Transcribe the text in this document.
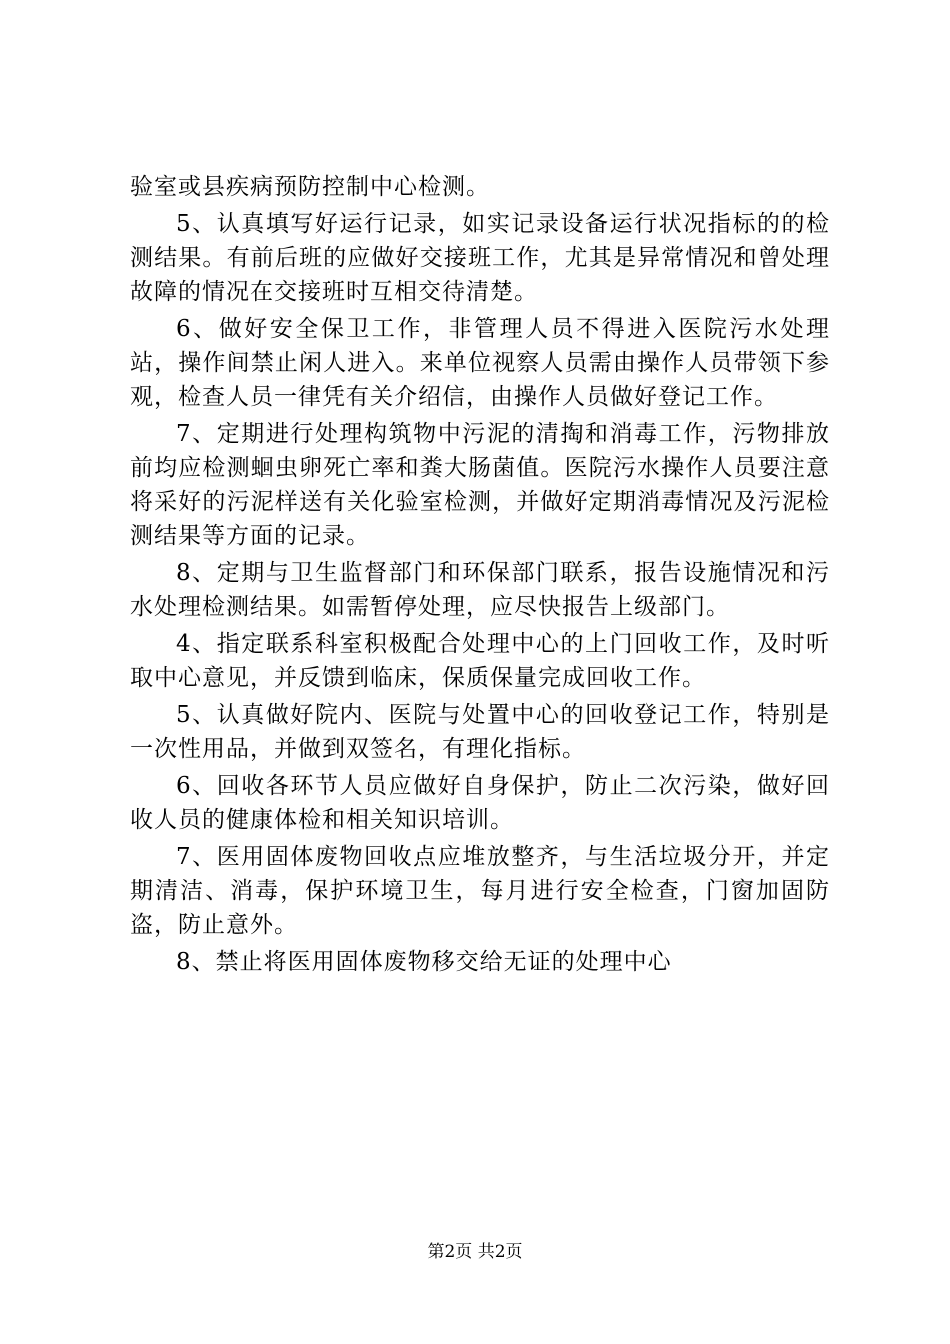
验室或县疾病预防控制中心检测。

5、认真填写好运行记录，如实记录设备运行状况指标的的检测结果。有前后班的应做好交接班工作，尤其是异常情况和曾处理故障的情况在交接班时互相交待清楚。

6、做好安全保卫工作，非管理人员不得进入医院污水处理站，操作间禁止闲人进入。来单位视察人员需由操作人员带领下参观，检查人员一律凭有关介绍信，由操作人员做好登记工作。

7、定期进行处理构筑物中污泥的清掏和消毒工作，污物排放前均应检测蛔虫卵死亡率和粪大肠菌值。医院污水操作人员要注意将采好的污泥样送有关化验室检测，并做好定期消毒情况及污泥检测结果等方面的记录。

8、定期与卫生监督部门和环保部门联系，报告设施情况和污水处理检测结果。如需暂停处理，应尽快报告上级部门。

4、指定联系科室积极配合处理中心的上门回收工作，及时听取中心意见，并反馈到临床，保质保量完成回收工作。

5、认真做好院内、医院与处置中心的回收登记工作，特别是一次性用品，并做到双签名，有理化指标。

6、回收各环节人员应做好自身保护，防止二次污染，做好回收人员的健康体检和相关知识培训。

7、医用固体废物回收点应堆放整齐，与生活垃圾分开，并定期清洁、消毒，保护环境卫生，每月进行安全检查，门窗加固防盗，防止意外。

8、禁止将医用固体废物移交给无证的处理中心

第2页 共2页
